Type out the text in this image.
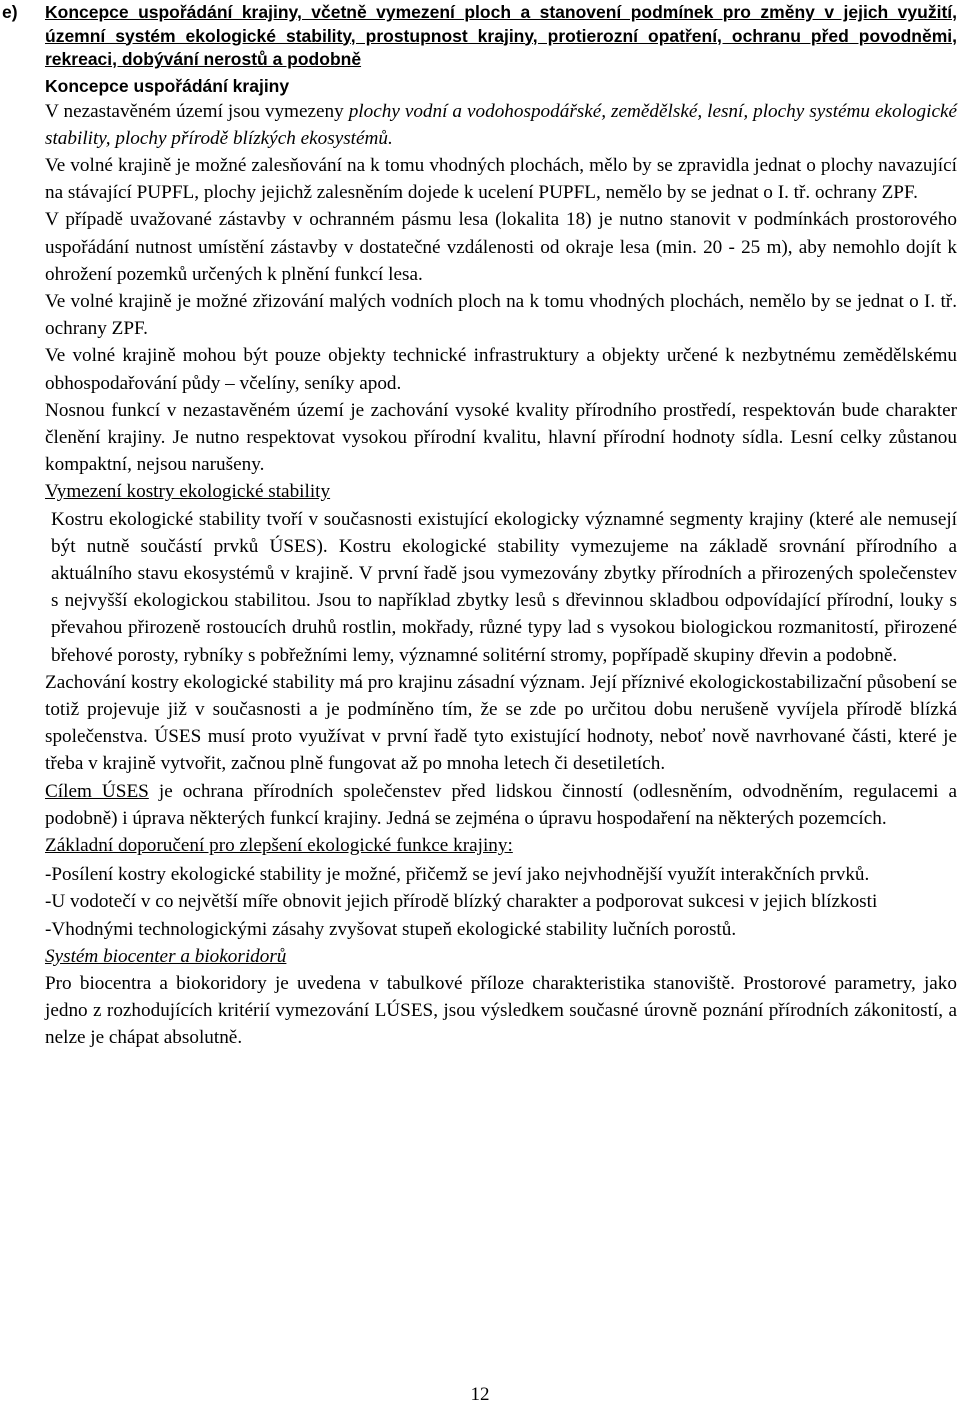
e) Koncepce uspořádání krajiny, včetně vymezení ploch a stanovení podmínek pro změny v jejich využití, územní systém ekologické stability, prostupnost krajiny, protierozní opatření, ochranu před povodněmi, rekreaci, dobývání nerostů a podobně
Koncepce uspořádání krajiny

V nezastavěném území jsou vymezeny plochy vodní a vodohospodářské, zemědělské, lesní, plochy systému ekologické stability, plochy přírodě blízkých ekosystémů.

Ve volné krajině je možné zalesňování na k tomu vhodných plochách, mělo by se zpravidla jednat o plochy navazující na stávající PUPFL, plochy jejichž zalesněním dojede k ucelení PUPFL, nemělo by se jednat o I. tř. ochrany ZPF.

V případě uvažované zástavby v ochranném pásmu lesa (lokalita 18) je nutno stanovit v podmínkách prostorového uspořádání nutnost umístění zástavby v dostatečné vzdálenosti od okraje lesa (min. 20 - 25 m), aby nemohlo dojít k ohrožení pozemků určených k plnění funkcí lesa.

Ve volné krajině je možné zřizování malých vodních ploch na k tomu vhodných plochách, nemělo by se jednat o I. tř. ochrany ZPF.

Ve volné krajině mohou být pouze objekty technické infrastruktury a objekty určené k nezbytnému zemědělskému obhospodařování půdy – včelíny, seníky apod.

Nosnou funkcí v nezastavěném území je zachování vysoké kvality přírodního prostředí, respektován bude charakter členění krajiny. Je nutno respektovat vysokou přírodní kvalitu, hlavní přírodní hodnoty sídla. Lesní celky zůstanou kompaktní, nejsou narušeny.

Vymezení kostry ekologické stability

Kostru ekologické stability tvoří v současnosti existující ekologicky významné segmenty krajiny (které ale nemusejí být nutně součástí prvků ÚSES). Kostru ekologické stability vymezujeme na základě srovnání přírodního a aktuálního stavu ekosystémů v krajině. V první řadě jsou vymezovány zbytky přírodních a přirozených společenstev s nejvyšší ekologickou stabilitou. Jsou to například zbytky lesů s dřevinnou skladbou odpovídající přírodní, louky s převahou přirozeně rostoucích druhů rostlin, mokřady, různé typy lad s vysokou biologickou rozmanitostí, přirozené břehové porosty, rybníky s pobřežními lemy, významné solitérní stromy, popřípadě skupiny dřevin a podobně.

Zachování kostry ekologické stability má pro krajinu zásadní význam. Její příznivé ekologickostabilizační působení se totiž projevuje již v současnosti a je podmíněno tím, že se zde po určitou dobu nerušeně vyvíjela přírodě blízká společenstva. ÚSES musí proto využívat v první řadě tyto existující hodnoty, neboť nově navrhované části, které je třeba v krajině vytvořit, začnou plně fungovat až po mnoha letech či desetiletích.

Cílem ÚSES je ochrana přírodních společenstev před lidskou činností (odlesněním, odvodněním, regulacemi a podobně) i úprava některých funkcí krajiny. Jedná se zejména o úpravu hospodaření na některých pozemcích.

Základní doporučení pro zlepšení ekologické funkce krajiny:

-Posílení kostry ekologické stability je možné, přičemž se jeví jako nejvhodnější využít interakčních prvků.

-U vodotečí v co největší míře obnovit jejich přírodě blízký charakter a podporovat sukcesi v jejich blízkosti

-Vhodnými technologickými zásahy zvyšovat stupeň ekologické stability lučních porostů.

Systém biocenter a biokoridorů

Pro biocentra a biokoridory je uvedena v tabulkové příloze charakteristika stanoviště. Prostorové parametry, jako jedno z rozhodujících kritérií vymezování LÚSES, jsou výsledkem současné úrovně poznání přírodních zákonitostí, a nelze je chápat absolutně.

12
